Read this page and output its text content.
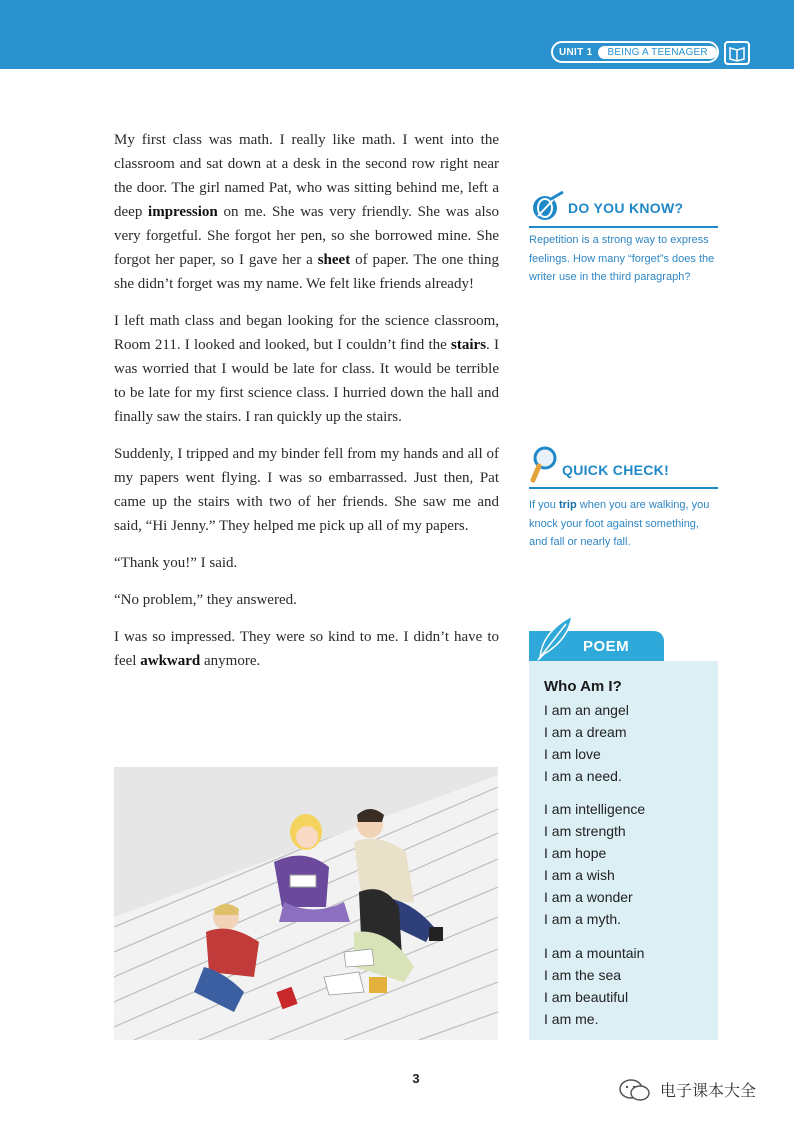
UNIT 1	BEING A TEENAGER

My first class was math. I really like math. I went into the classroom and sat down at a desk in the second row right near the door. The girl named Pat, who was sitting behind me, left a deep impression on me. She was very friendly. She was also very forgetful. She forgot her pen, so she borrowed mine. She forgot her paper, so I gave her a sheet of paper. The one thing she didn’t forget was my name. We felt like friends already!

I left math class and began looking for the science classroom, Room 211. I looked and looked, but I couldn’t find the stairs. I was worried that I would be late for class. It would be terrible to be late for my first science class. I hurried down the hall and finally saw the stairs. I ran quickly up the stairs.

Suddenly, I tripped and my binder fell from my hands and all of my papers went flying. I was so embarrassed. Just then, Pat came up the stairs with two of her friends. She saw me and said, “Hi Jenny.” They helped me pick up all of my papers.

“Thank you!” I said.

“No problem,” they answered.

I was so impressed. They were so kind to me. I didn’t have to feel awkward anymore.

DO YOU KNOW?
Repetition is a strong way to express
feelings. How many “forget”s does the
writer use in the third paragraph?
QUICK CHECK!
If you trip when you are walking, you
knock your foot against something,
and fall or nearly fall.
POEM
Who Am I?
I am an angel
I am a dream
I am love
I am a need.
I am intelligence
I am strength
I am hope
I am a wish
I am a wonder
I am a myth.
I am a mountain
I am the sea
I am beautiful
I am me.
3
电子课本大全
